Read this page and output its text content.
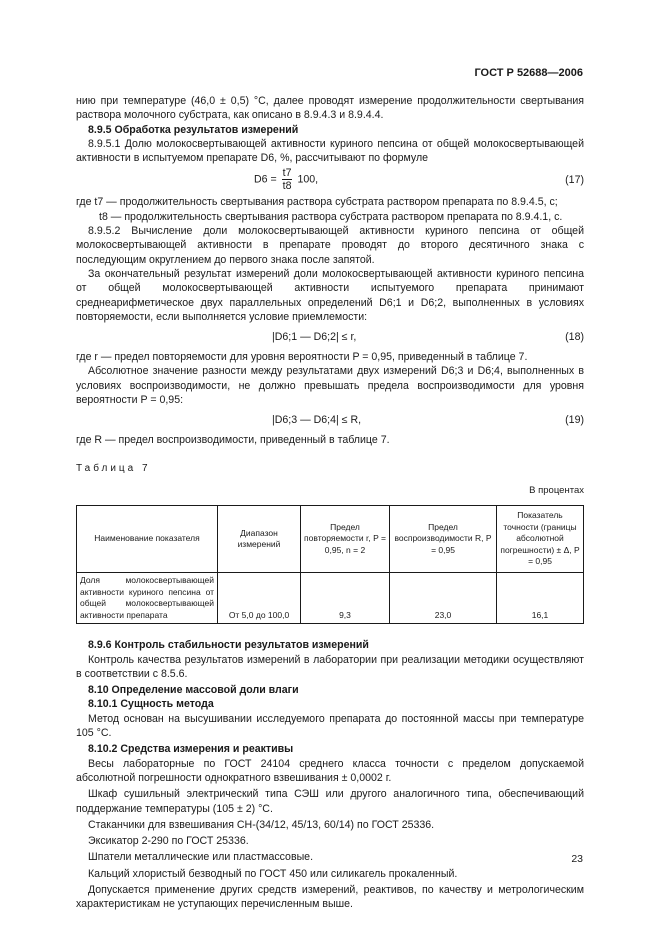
ГОСТ Р 52688—2006

нию при температуре (46,0 ± 0,5) °С, далее проводят измерение продолжительности свертывания раствора молочного субстрата, как описано в 8.9.4.3 и 8.9.4.4.

8.9.5 Обработка результатов измерений

8.9.5.1 Долю молокосвертывающей активности куриного пепсина от общей молокосвертывающей активности в испытуемом препарате D6, %, рассчитывают по формуле

$D6 = \frac{t7}{t8} 100$,	(17)

где t7 — продолжительность свертывания раствора субстрата раствором препарата по 8.9.4.5, с;

t8 — продолжительность свертывания раствора субстрата раствором препарата по 8.9.4.1, с.

8.9.5.2 Вычисление доли молокосвертывающей активности куриного пепсина от общей молокосвертывающей активности в препарате проводят до второго десятичного знака с последующим округлением до первого знака после запятой.

За окончательный результат измерений доли молокосвертывающей активности куриного пепсина от общей молокосвертывающей активности испытуемого препарата принимают среднеарифметическое двух параллельных определений D6;1 и D6;2, выполненных в условиях повторяемости, если выполняется условие приемлемости:

|D6;1 — D6;2| ≤ r,	(18)

где r — предел повторяемости для уровня вероятности P = 0,95, приведенный в таблице 7.

Абсолютное значение разности между результатами двух измерений D6;3 и D6;4, выполненных в условиях воспроизводимости, не должно превышать предела воспроизводимости для уровня вероятности P = 0,95:

|D6;3 — D6;4| ≤ R,	(19)

где R — предел воспроизводимости, приведенный в таблице 7.

Таблица 7
В процентах
Наименование показателя	Диапазон измерений	Предел повторяемости r, P = 0,95, n = 2	Предел воспроизводимости R, P = 0,95	Показатель точности (границы абсолютной погрешности) ± Δ, P = 0,95
Доля молокосвертывающей активности куриного пепсина от общей молокосвертывающей активности препарата	От 5,0 до 100,0	9,3	23,0	16,1

8.9.6 Контроль стабильности результатов измерений

Контроль качества результатов измерений в лаборатории при реализации методики осуществляют в соответствии с 8.5.6.

8.10 Определение массовой доли влаги

8.10.1 Сущность метода

Метод основан на высушивании исследуемого препарата до постоянной массы при температуре 105 °С.

8.10.2 Средства измерения и реактивы

Весы лабораторные по ГОСТ 24104 среднего класса точности с пределом допускаемой абсолютной погрешности однократного взвешивания ± 0,0002 г.

Шкаф сушильный электрический типа СЭШ или другого аналогичного типа, обеспечивающий поддержание температуры (105 ± 2) °С.

Стаканчики для взвешивания СН-(34/12, 45/13, 60/14) по ГОСТ 25336.

Эксикатор 2-290 по ГОСТ 25336.

Шпатели металлические или пластмассовые.

Кальций хлористый безводный по ГОСТ 450 или силикагель прокаленный.

Допускается применение других средств измерений, реактивов, по качеству и метрологическим характеристикам не уступающих перечисленным выше.

23
